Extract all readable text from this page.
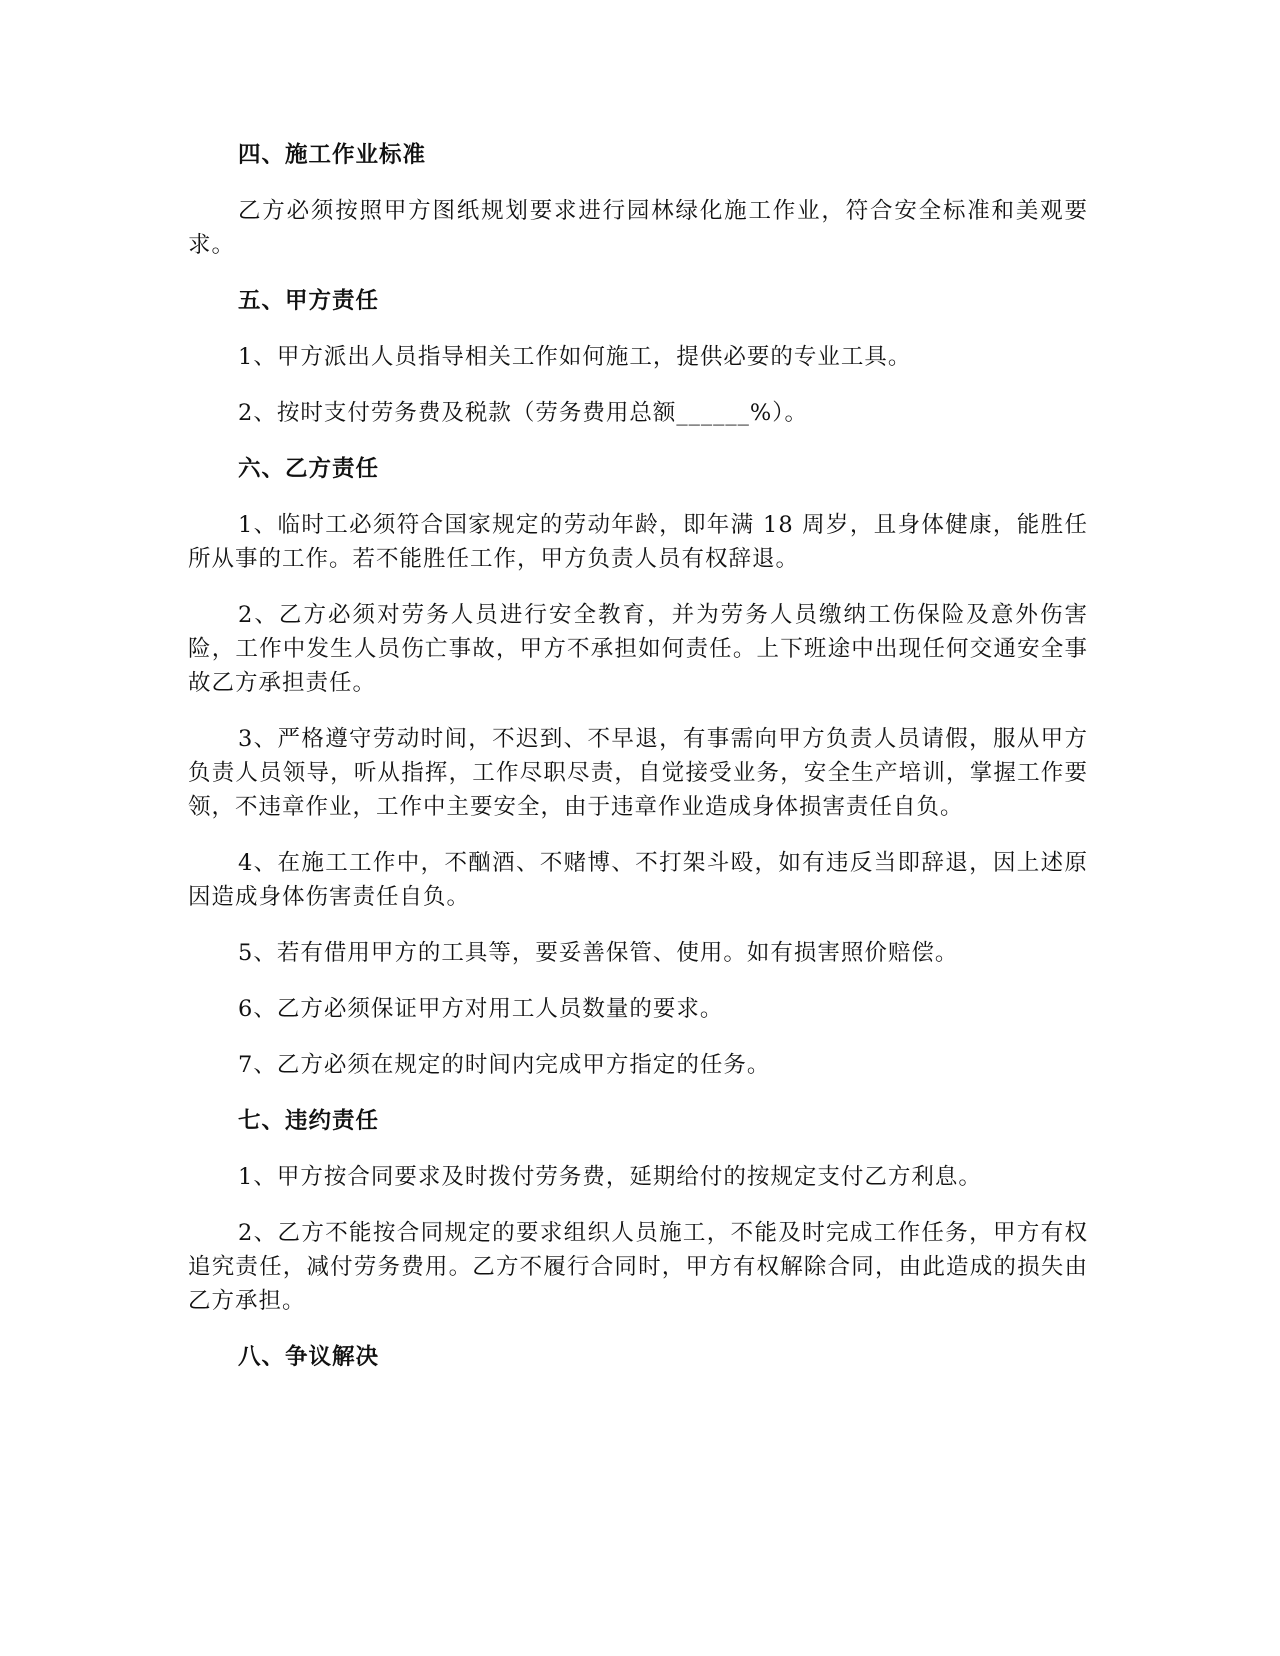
四、施工作业标准
乙方必须按照甲方图纸规划要求进行园林绿化施工作业，符合安全标准和美观要求。
五、甲方责任
1、甲方派出人员指导相关工作如何施工，提供必要的专业工具。
2、按时支付劳务费及税款（劳务费用总额______%）。
六、乙方责任
1、临时工必须符合国家规定的劳动年龄，即年满 18 周岁，且身体健康，能胜任所从事的工作。若不能胜任工作，甲方负责人员有权辞退。
2、乙方必须对劳务人员进行安全教育，并为劳务人员缴纳工伤保险及意外伤害险，工作中发生人员伤亡事故，甲方不承担如何责任。上下班途中出现任何交通安全事故乙方承担责任。
3、严格遵守劳动时间，不迟到、不早退，有事需向甲方负责人员请假，服从甲方负责人员领导，听从指挥，工作尽职尽责，自觉接受业务，安全生产培训，掌握工作要领，不违章作业，工作中主要安全，由于违章作业造成身体损害责任自负。
4、在施工工作中，不酗酒、不赌博、不打架斗殴，如有违反当即辞退，因上述原因造成身体伤害责任自负。
5、若有借用甲方的工具等，要妥善保管、使用。如有损害照价赔偿。
6、乙方必须保证甲方对用工人员数量的要求。
7、乙方必须在规定的时间内完成甲方指定的任务。
七、违约责任
1、甲方按合同要求及时拨付劳务费，延期给付的按规定支付乙方利息。
2、乙方不能按合同规定的要求组织人员施工，不能及时完成工作任务，甲方有权追究责任，减付劳务费用。乙方不履行合同时，甲方有权解除合同，由此造成的损失由乙方承担。
八、争议解决
